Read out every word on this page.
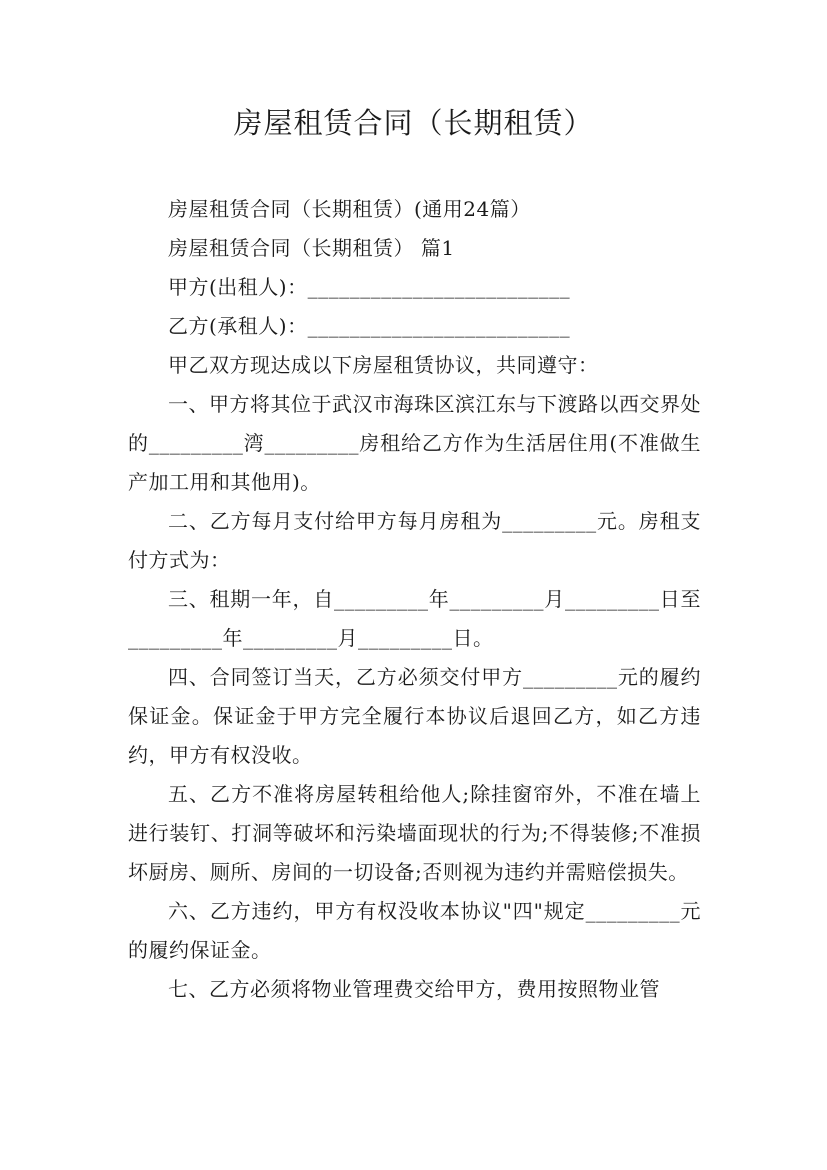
房屋租赁合同（长期租赁）

房屋租赁合同（长期租赁）(通用24篇）

房屋租赁合同（长期租赁） 篇1

甲方(出租人)：_________________________

乙方(承租人)：_________________________

甲乙双方现达成以下房屋租赁协议，共同遵守：

一、甲方将其位于武汉市海珠区滨江东与下渡路以西交界处的_________湾_________房租给乙方作为生活居住用(不准做生产加工用和其他用)。

二、乙方每月支付给甲方每月房租为_________元。房租支付方式为：

三、租期一年，自_________年_________月_________日至_________年_________月_________日。

四、合同签订当天，乙方必须交付甲方_________元的履约保证金。保证金于甲方完全履行本协议后退回乙方，如乙方违约，甲方有权没收。

五、乙方不准将房屋转租给他人;除挂窗帘外，不准在墙上进行装钉、打洞等破坏和污染墙面现状的行为;不得装修;不准损坏厨房、厕所、房间的一切设备;否则视为违约并需赔偿损失。

六、乙方违约，甲方有权没收本协议"四"规定_________元的履约保证金。

七、乙方必须将物业管理费交给甲方，费用按照物业管
